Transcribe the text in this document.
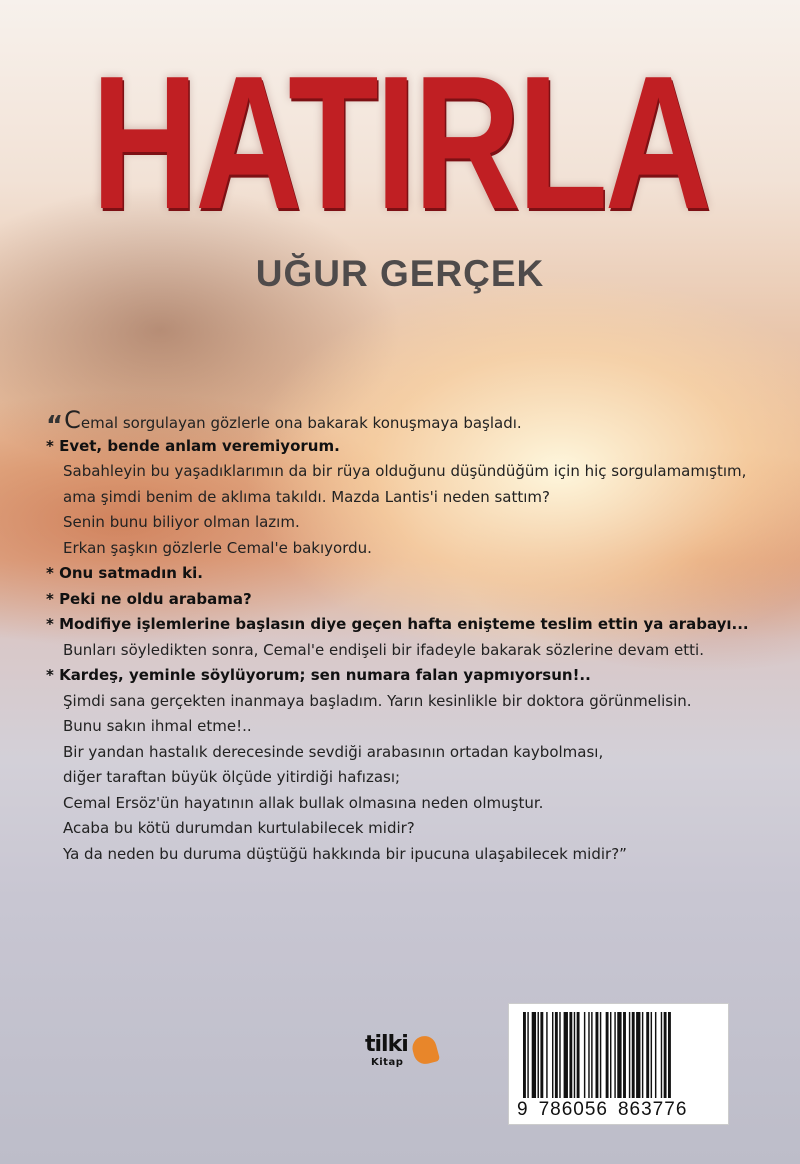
HATIRLA
UĞUR GERÇEK
“Cemal sorgulayan gözlerle ona bakarak konuşmaya başladı.
* Evet, bende anlam veremiyorum.
Sabahleyin bu yaşadıklarımın da bir rüya olduğunu düşündüğüm için hiç sorgulamamıştım,
ama şimdi benim de aklıma takıldı. Mazda Lantis'i neden sattım?
Senin bunu biliyor olman lazım.
Erkan şaşkın gözlerle Cemal'e bakıyordu.
* Onu satmadın ki.
* Peki ne oldu arabama?
* Modifiye işlemlerine başlasın diye geçen hafta enişteme teslim ettin ya arabayı...
Bunları söyledikten sonra, Cemal'e endişeli bir ifadeyle bakarak sözlerine devam etti.
* Kardeş, yeminle söylüyorum; sen numara falan yapmıyorsun!..
Şimdi sana gerçekten inanmaya başladım. Yarın kesinlikle bir doktora görünmelisin.
Bunu sakın ihmal etme!..
Bir yandan hastalık derecesinde sevdiği arabasının ortadan kaybolması,
diğer taraftan büyük ölçüde yitirdiği hafızası;
Cemal Ersöz'ün hayatının allak bullak olmasına neden olmuştur.
Acaba bu kötü durumdan kurtulabilecek midir?
Ya da neden bu duruma düştüğü hakkında bir ipucuna ulaşabilecek midir?”
tilki
Kitap
9 786056 863776
